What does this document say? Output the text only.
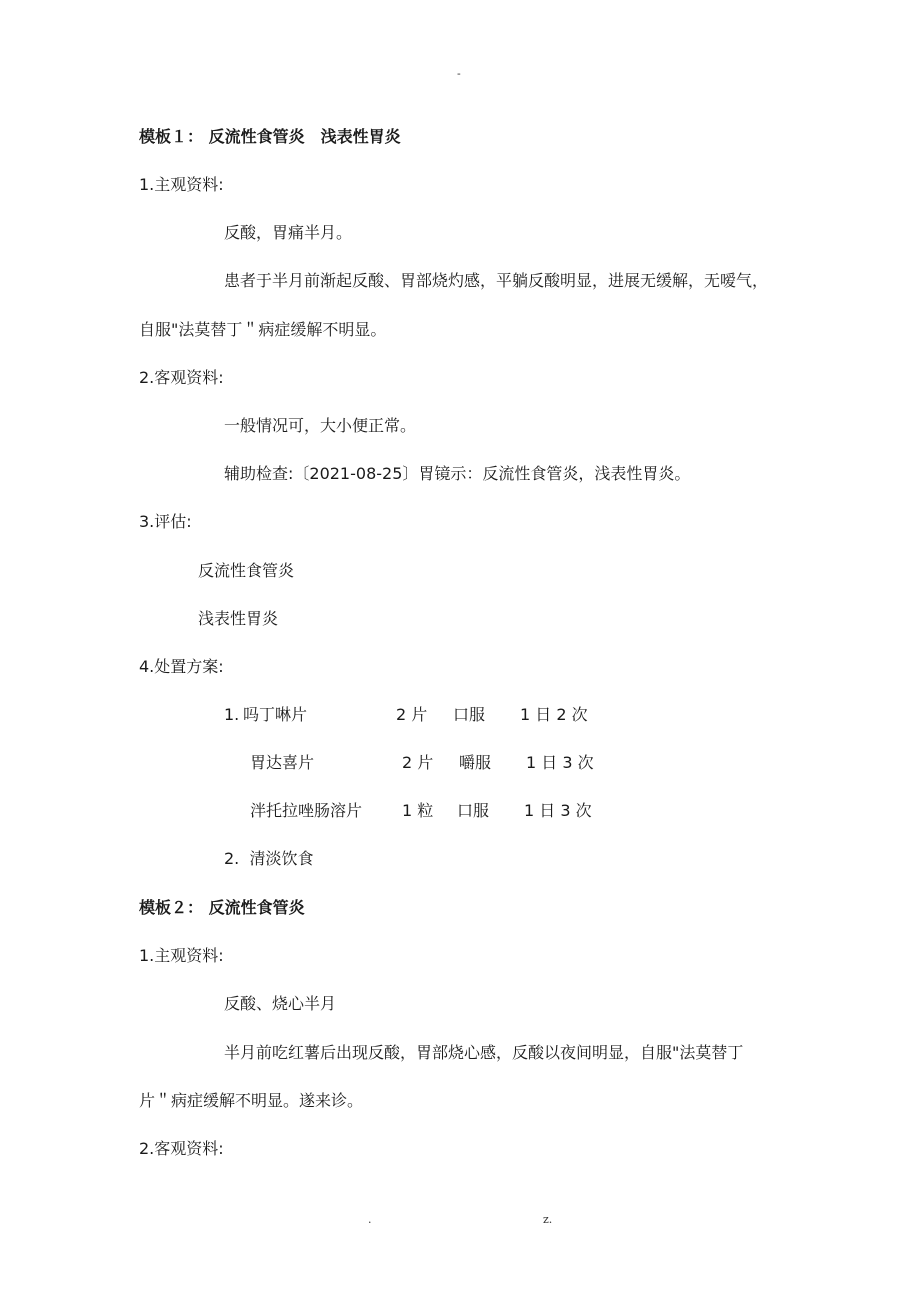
-
模板１： 反流性食管炎　浅表性胃炎
1.主观资料:
反酸，胃痛半月。
患者于半月前渐起反酸、胃部烧灼感，平躺反酸明显，进展无缓解，无嗳气，
自服"法莫替丁＂病症缓解不明显。
2.客观资料:
一般情况可，大小便正常。
辅助检查:〔2021-08-25〕胃镜示：反流性食管炎，浅表性胃炎。
3.评估:
反流性食管炎
浅表性胃炎
4.处置方案:
1. 吗丁啉片	2 片 口服 1 日 2 次
胃达喜片	2 片 嚼服 1 日 3 次
泮托拉唑肠溶片 1 粒 口服 1 日 3 次
2.  清淡饮食
模板２： 反流性食管炎
1.主观资料:
反酸、烧心半月
半月前吃红薯后出现反酸，胃部烧心感，反酸以夜间明显，自服"法莫替丁
片＂病症缓解不明显。遂来诊。
2.客观资料:
.	z.
